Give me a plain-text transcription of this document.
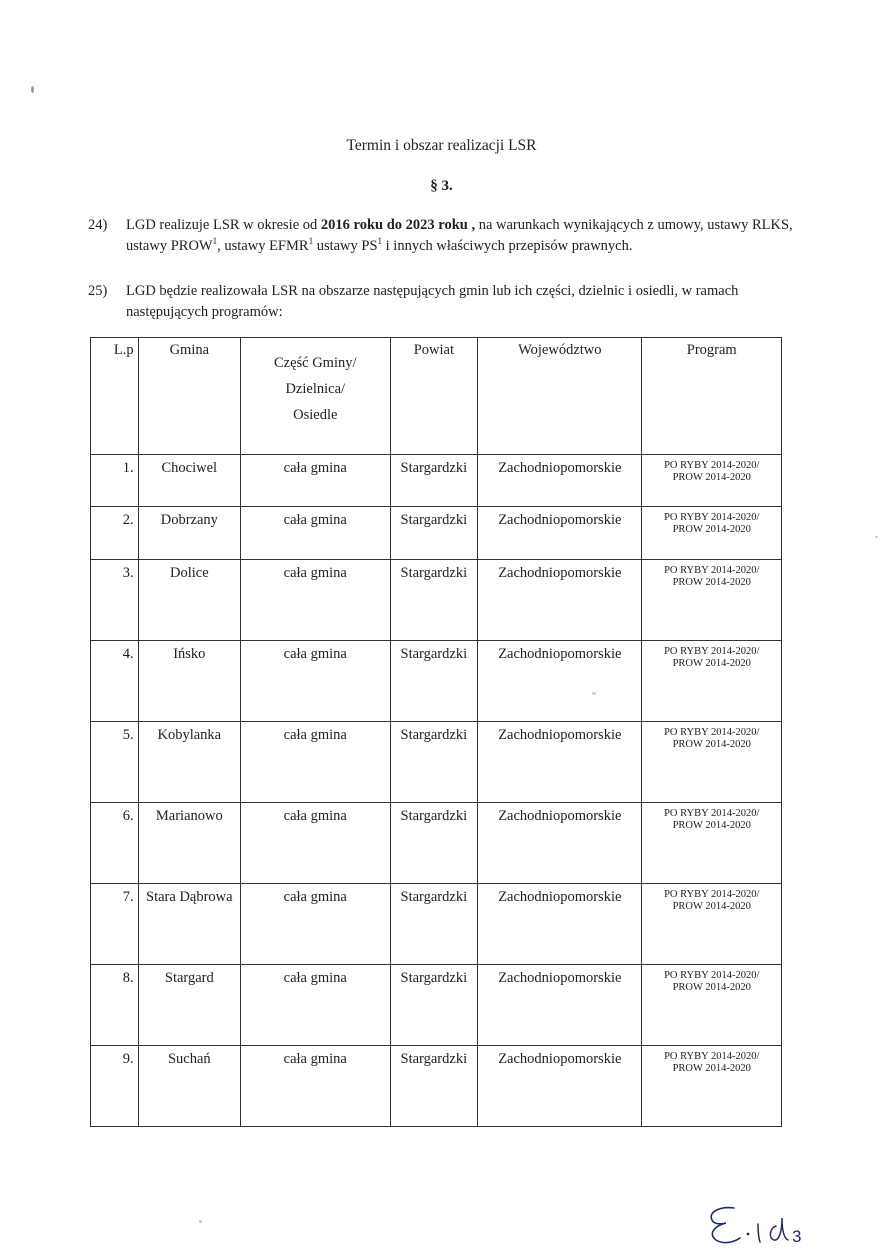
Termin i obszar realizacji LSR
§ 3.
24) LGD realizuje LSR w okresie od 2016 roku do 2023 roku , na warunkach wynikających z umowy, ustawy RLKS, ustawy PROW$^1$, ustawy EFMR$^1$ ustawy $PS^1$ i innych właściwych przepisów prawnych.
25) LGD będzie realizowała LSR na obszarze następujących gmin lub ich części, dzielnic i osiedli, w ramach następujących programów:
L.p	Gmina	Część Gminy/
Dzielnica/
Osiedle	Powiat	Województwo	Program

1.	Chociwel	cała gmina	Stargardzki	Zachodniopomorskie	PO RYBY 2014-2020/
PROW 2014-2020

2.	Dobrzany	cała gmina	Stargardzki	Zachodniopomorskie	PO RYBY 2014-2020/
PROW 2014-2020

3.	Dolice	cała gmina	Stargardzki	Zachodniopomorskie	PO RYBY 2014-2020/
PROW 2014-2020

4.	Ińsko	cała gmina	Stargardzki	Zachodniopomorskie	PO RYBY 2014-2020/
PROW 2014-2020

5.	Kobylanka	cała gmina	Stargardzki	Zachodniopomorskie	PO RYBY 2014-2020/
PROW 2014-2020

6.	Marianowo	cała gmina	Stargardzki	Zachodniopomorskie	PO RYBY 2014-2020/
PROW 2014-2020

7.	Stara Dąbrowa	cała gmina	Stargardzki	Zachodniopomorskie	PO RYBY 2014-2020/
PROW 2014-2020

8.	Stargard	cała gmina	Stargardzki	Zachodniopomorskie	PO RYBY 2014-2020/
PROW 2014-2020

9.	Suchań	cała gmina	Stargardzki	Zachodniopomorskie	PO RYBY 2014-2020/
PROW 2014-2020
3
